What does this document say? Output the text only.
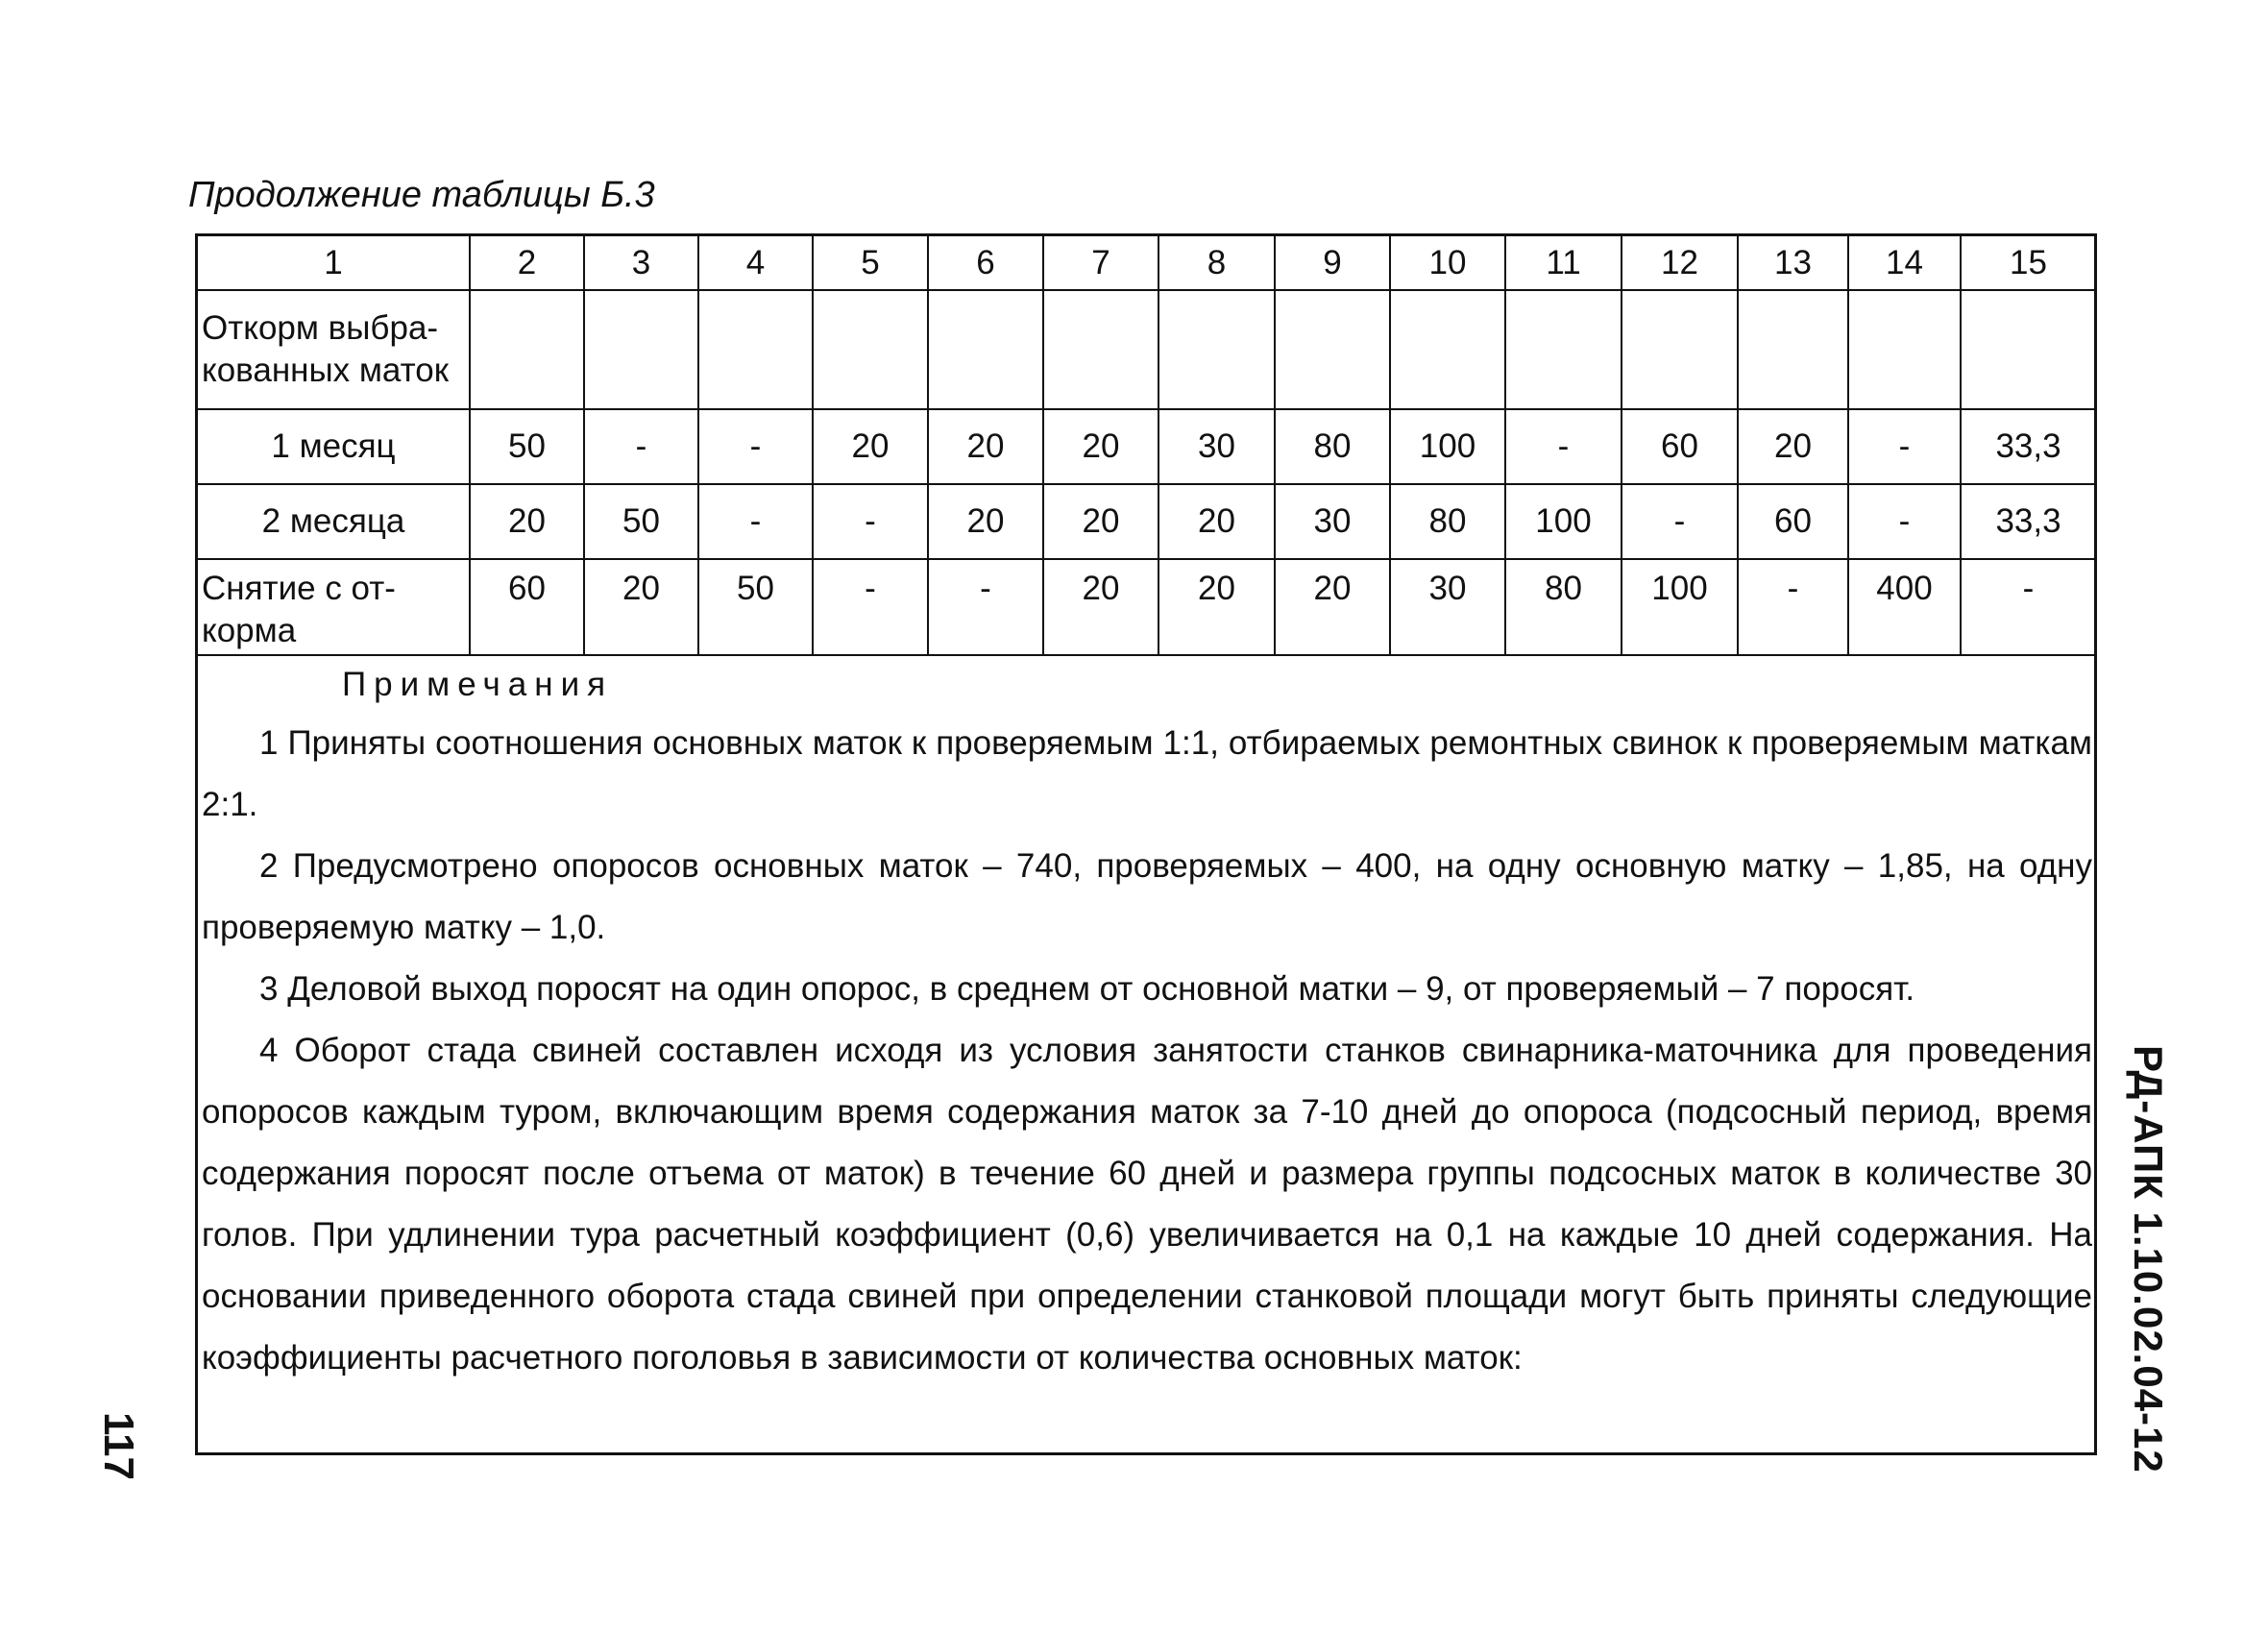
Продолжение таблицы Б.3
1	2	3	4	5	6	7	8	9	10	11	12	13	14	15

Откорм выбра-
кованных маток														

1 месяц	50	-	-	20	20	20	30	80	100	-	60	20	-	33,3

2 месяца	20	50	-	-	20	20	20	30	80	100	-	60	-	33,3

Снятие с от-
корма	60	20	50	-	-	20	20	20	30	80	100	-	400	-
Примечания

1 Приняты соотношения основных маток к проверяемым 1:1, отбираемых ремонтных свинок к проверяемым маткам 2:1.

2 Предусмотрено опоросов основных маток – 740, проверяемых – 400, на одну основную матку – 1,85, на одну проверяемую матку – 1,0.

3 Деловой выход поросят на один опорос, в среднем от основной матки – 9, от проверяемый – 7 поросят.

4 Оборот стада свиней составлен исходя из условия занятости станков свинарника-маточника для проведения опоросов каждым туром, включающим время содержания маток за 7-10 дней до опороса (подсосный период, время содержания поросят после отъема от маток) в течение 60 дней и размера группы подсосных маток в количестве 30 голов. При удлинении тура расчетный коэффициент (0,6) увеличивается на 0,1 на каждые 10 дней содержания. На основании приведенного оборота стада свиней при определении станковой площади могут быть приняты следующие коэффициенты расчетного поголовья в зависимости от количества основных маток:

117	РД-АПК 1.10.02.04-12
